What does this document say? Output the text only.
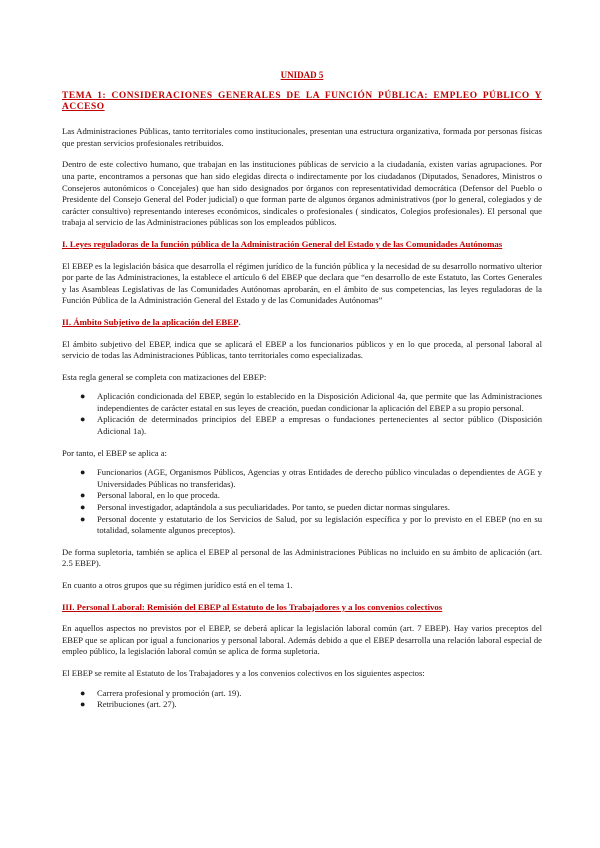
UNIDAD 5
TEMA 1: CONSIDERACIONES GENERALES DE LA FUNCIÓN PÚBLICA: EMPLEO PÚBLICO Y ACCESO

Las Administraciones Públicas, tanto territoriales como institucionales, presentan una estructura organizativa, formada por personas físicas que prestan servicios profesionales retribuidos.

Dentro de este colectivo humano, que trabajan en las instituciones públicas de servicio a la ciudadanía, existen varias agrupaciones. Por una parte, encontramos a personas que han sido elegidas directa o indirectamente por los ciudadanos (Diputados, Senadores, Ministros o Consejeros autonómicos o Concejales) que han sido designados por órganos con representatividad democrática (Defensor del Pueblo o Presidente del Consejo General del Poder judicial) o que forman parte de algunos órganos administrativos (por lo general, colegiados y de carácter consultivo) representando intereses económicos, sindicales o profesionales ( sindicatos, Colegios profesionales). El personal que trabaja al servicio de las Administraciones públicas son los empleados públicos.

I. Leyes reguladoras de la función pública de la Administración General del Estado y de las Comunidades Autónomas

El EBEP es la legislación básica que desarrolla el régimen jurídico de la función pública y la necesidad de su desarrollo normativo ulterior por parte de las Administraciones, la establece el artículo 6 del EBEP que declara que “en desarrollo de este Estatuto, las Cortes Generales y las Asambleas Legislativas de las Comunidades Autónomas aprobarán, en el ámbito de sus competencias, las leyes reguladoras de la Función Pública de la Administración General del Estado y de las Comunidades Autónomas”

II. Ámbito Subjetivo de la aplicación del EBEP.

El ámbito subjetivo del EBEP, indica que se aplicará el EBEP a los funcionarios públicos y en lo que proceda, al personal laboral al servicio de todas las Administraciones Públicas, tanto territoriales como especializadas.

Esta regla general se completa con matizaciones del EBEP:

● Aplicación condicionada del EBEP, según lo establecido en la Disposición Adicional 4a, que permite que las Administraciones independientes de carácter estatal en sus leyes de creación, puedan condicionar la aplicación del EBEP a su propio personal.
● Aplicación de determinados principios del EBEP a empresas o fundaciones pertenecientes al sector público (Disposición Adicional 1a).

Por tanto, el EBEP se aplica a:

● Funcionarios (AGE, Organismos Públicos, Agencias y otras Entidades de derecho público vinculadas o dependientes de AGE y Universidades Públicas no transferidas).
● Personal laboral, en lo que proceda.
● Personal investigador, adaptándola a sus peculiaridades. Por tanto, se pueden dictar normas singulares.
● Personal docente y estatutario de los Servicios de Salud, por su legislación específica y por lo previsto en el EBEP (no en su totalidad, solamente algunos preceptos).

De forma supletoria, también se aplica el EBEP al personal de las Administraciones Públicas no incluido en su ámbito de aplicación (art. 2.5 EBEP).

En cuanto a otros grupos que su régimen jurídico está en el tema 1.

III. Personal Laboral: Remisión del EBEP al Estatuto de los Trabajadores y a los convenios colectivos

En aquellos aspectos no previstos por el EBEP, se deberá aplicar la legislación laboral común (art. 7 EBEP). Hay varios preceptos del EBEP que se aplican por igual a funcionarios y personal laboral. Además debido a que el EBEP desarrolla una relación laboral especial de empleo público, la legislación laboral común se aplica de forma supletoria.

El EBEP se remite al Estatuto de los Trabajadores y a los convenios colectivos en los siguientes aspectos:

● Carrera profesional y promoción (art. 19).
● Retribuciones (art. 27).
